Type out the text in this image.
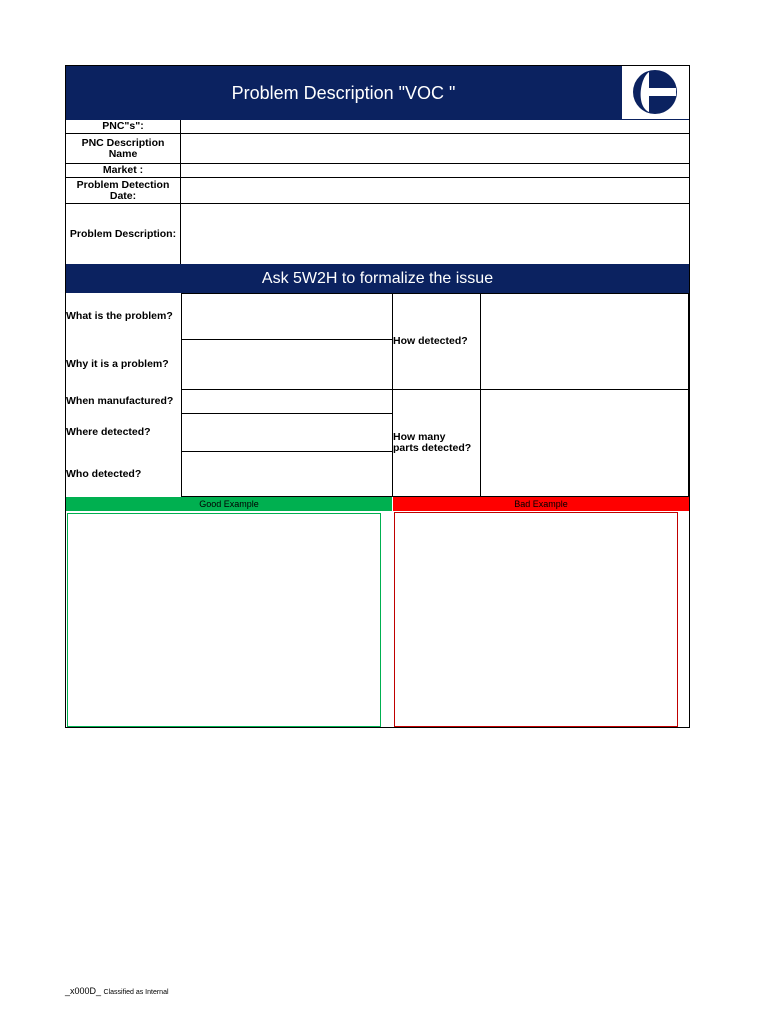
Problem Description "VOC "
PNC"s":
PNC Description Name
Market :
Problem Detection Date:
Problem Description:
Ask 5W2H to formalize the issue
What is the problem?
Why it is a problem?
When manufactured?
Where detected?
Who detected?
How detected?
How many parts detected?
Good Example	Bad Example
_x000D_ Classified as Internal
